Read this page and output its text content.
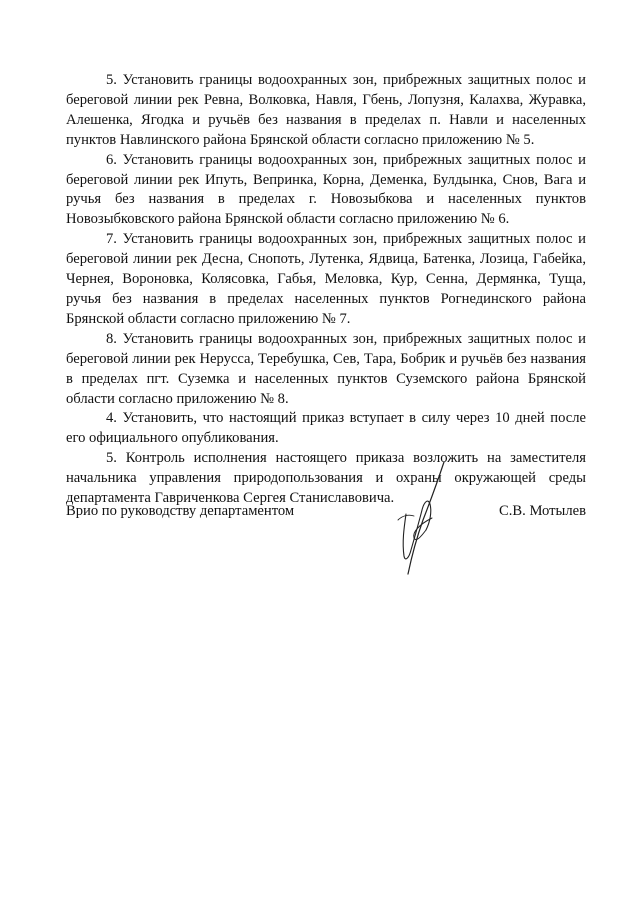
5. Установить границы водоохранных зон, прибрежных защитных полос и береговой линии рек Ревна, Волковка, Навля, Гбень, Лопузня, Калахва, Журавка, Алешенка, Ягодка и ручьёв без названия в пределах п. Навли и населенных пунктов Навлинского района Брянской области согласно приложению № 5.

6. Установить границы водоохранных зон, прибрежных защитных полос и береговой линии рек Ипуть, Вепринка, Корна, Деменка, Булдынка, Снов, Вага и ручья без названия в пределах г. Новозыбкова и населенных пунктов Новозыбковского района Брянской области согласно приложению № 6.

7. Установить границы водоохранных зон, прибрежных защитных полос и береговой линии рек Десна, Снопоть, Лутенка, Ядвица, Батенка, Лозица, Габейка, Чернея, Вороновка, Колясовка, Габья, Меловка, Кур, Сенна, Дермянка, Туща, ручья без названия в пределах населенных пунктов Рогнединского района Брянской области согласно приложению № 7.

8. Установить границы водоохранных зон, прибрежных защитных полос и береговой линии рек Нерусса, Теребушка, Сев, Тара, Бобрик и ручьёв без названия в пределах пгт. Суземка и населенных пунктов Суземского района Брянской области согласно приложению № 8.

4. Установить, что настоящий приказ вступает в силу через 10 дней после его официального опубликования.

5. Контроль исполнения настоящего приказа возложить на заместителя начальника управления природопользования и охраны окружающей среды департамента Гавриченкова Сергея Станиславовича.

Врио по руководству департаментом	С.В. Мотылев
